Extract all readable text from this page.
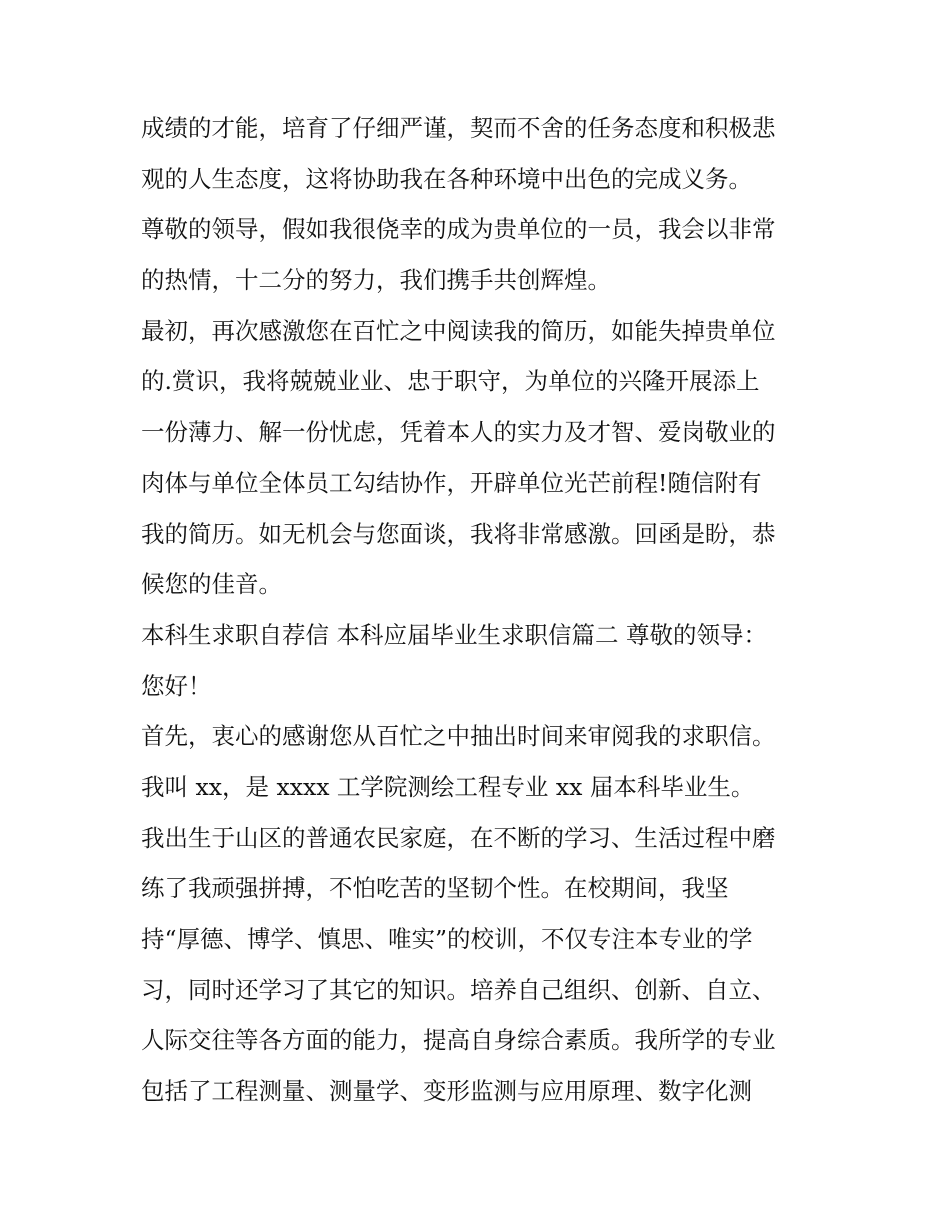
成绩的才能，培育了仔细严谨，契而不舍的任务态度和积极悲
观的人生态度，这将协助我在各种环境中出色的完成义务。
尊敬的领导，假如我很侥幸的成为贵单位的一员，我会以非常
的热情，十二分的努力，我们携手共创辉煌。
最初，再次感激您在百忙之中阅读我的简历，如能失掉贵单位
的.赏识，我将兢兢业业、忠于职守，为单位的兴隆开展添上
一份薄力、解一份忧虑，凭着本人的实力及才智、爱岗敬业的
肉体与单位全体员工勾结协作，开辟单位光芒前程!随信附有
我的简历。如无机会与您面谈，我将非常感激。回函是盼，恭
候您的佳音。
本科生求职自荐信 本科应届毕业生求职信篇二 尊敬的领导：
您好！
首先，衷心的感谢您从百忙之中抽出时间来审阅我的求职信。
我叫 xx，是 xxxx 工学院测绘工程专业 xx 届本科毕业生。
我出生于山区的普通农民家庭，在不断的学习、生活过程中磨
练了我顽强拼搏，不怕吃苦的坚韧个性。在校期间，我坚
持“厚德、博学、慎思、唯实”的校训，不仅专注本专业的学
习，同时还学习了其它的知识。培养自己组织、创新、自立、
人际交往等各方面的能力，提高自身综合素质。我所学的专业
包括了工程测量、测量学、变形监测与应用原理、数字化测
